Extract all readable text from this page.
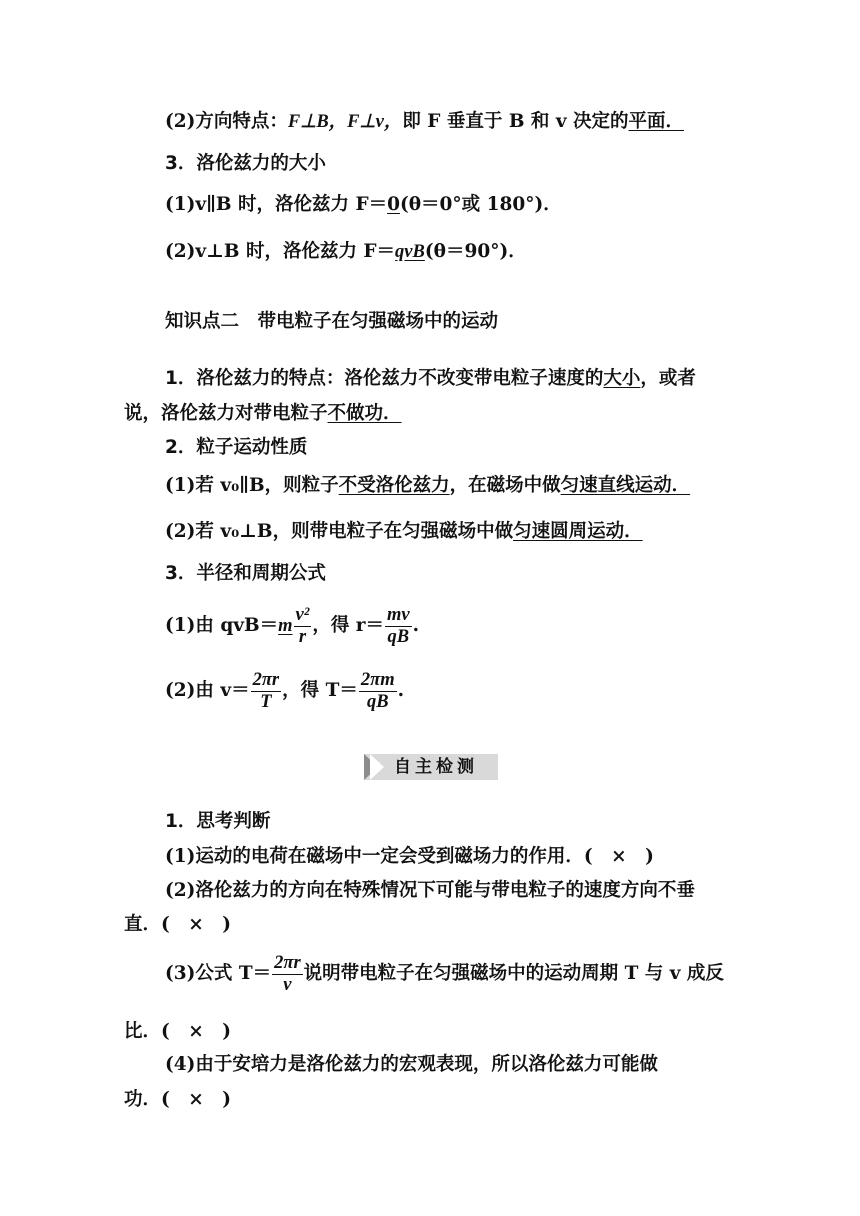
(2)方向特点：F⊥B，F⊥v，即 F 垂直于 B 和 v 决定的平面．
3．洛伦兹力的大小
(1)v∥B 时，洛伦兹力 F＝0(θ＝0°或 180°)．
(2)v⊥B 时，洛伦兹力 F＝qvB(θ＝90°)．
知识点二　带电粒子在匀强磁场中的运动
1．洛伦兹力的特点：洛伦兹力不改变带电粒子速度的大小，或者
说，洛伦兹力对带电粒子不做功．
2．粒子运动性质
(1)若 v₀∥B，则粒子不受洛伦兹力，在磁场中做匀速直线运动．
(2)若 v₀⊥B，则带电粒子在匀强磁场中做匀速圆周运动．
3．半径和周期公式
(1)由 $qvB=m \frac{\text{v²}}{r}$ ，得 $r= \frac{mv}{qB}$ .
(2)由 $v= \frac{2\pi r}{T}$ ，得 $T= \frac{2\pi m}{qB}$ .
自主检测
1．思考判断
(1)运动的电荷在磁场中一定会受到磁场力的作用．(　×　)
(2)洛伦兹力的方向在特殊情况下可能与带电粒子的速度方向不垂
直．(　×　)
(3)公式 $T= \frac{2\pi r}{v}$ 说明带电粒子在匀强磁场中的运动周期 T 与 v 成反
比．(　×　)
(4)由于安培力是洛伦兹力的宏观表现，所以洛伦兹力可能做
功．(　×　)
